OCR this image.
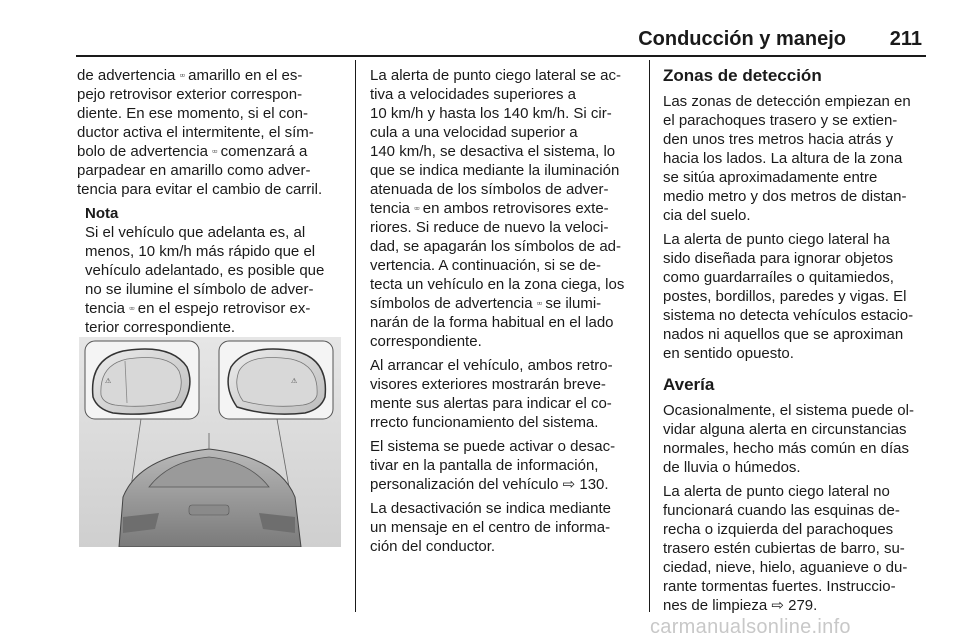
Conducción y manejo 211

de advertencia ▫▫ amarillo en el es-
pejo retrovisor exterior correspon-
diente. En ese momento, si el con-
ductor activa el intermitente, el sím-
bolo de advertencia ▫▫ comenzará a
parpadear en amarillo como adver-
tencia para evitar el cambio de carril.

Nota

Si el vehículo que adelanta es, al
menos, 10 km/h más rápido que el
vehículo adelantado, es posible que
no se ilumine el símbolo de adver-
tencia ▫▫ en el espejo retrovisor ex-
terior correspondiente.

⚠	⚠

La alerta de punto ciego lateral se ac-
tiva a velocidades superiores a
10 km/h y hasta los 140 km/h. Si cir-
cula a una velocidad superior a
140 km/h, se desactiva el sistema, lo
que se indica mediante la iluminación
atenuada de los símbolos de adver-
tencia ▫▫ en ambos retrovisores exte-
riores. Si reduce de nuevo la veloci-
dad, se apagarán los símbolos de ad-
vertencia. A continuación, si se de-
tecta un vehículo en la zona ciega, los
símbolos de advertencia ▫▫ se ilumi-
narán de la forma habitual en el lado
correspondiente.

Al arrancar el vehículo, ambos retro-
visores exteriores mostrarán breve-
mente sus alertas para indicar el co-
rrecto funcionamiento del sistema.

El sistema se puede activar o desac-
tivar en la pantalla de información,
personalización del vehículo ⇨ 130.

La desactivación se indica mediante
un mensaje en el centro de informa-
ción del conductor.

Zonas de detección

Las zonas de detección empiezan en
el parachoques trasero y se extien-
den unos tres metros hacia atrás y
hacia los lados. La altura de la zona
se sitúa aproximadamente entre
medio metro y dos metros de distan-
cia del suelo.

La alerta de punto ciego lateral ha
sido diseñada para ignorar objetos
como guardarraíles o quitamiedos,
postes, bordillos, paredes y vigas. El
sistema no detecta vehículos estacio-
nados ni aquellos que se aproximan
en sentido opuesto.

Avería

Ocasionalmente, el sistema puede ol-
vidar alguna alerta en circunstancias
normales, hecho más común en días
de lluvia o húmedos.

La alerta de punto ciego lateral no
funcionará cuando las esquinas de-
recha o izquierda del parachoques
trasero estén cubiertas de barro, su-
ciedad, nieve, hielo, aguanieve o du-
rante tormentas fuertes. Instruccio-
nes de limpieza ⇨ 279.

carmanualsonline.info
